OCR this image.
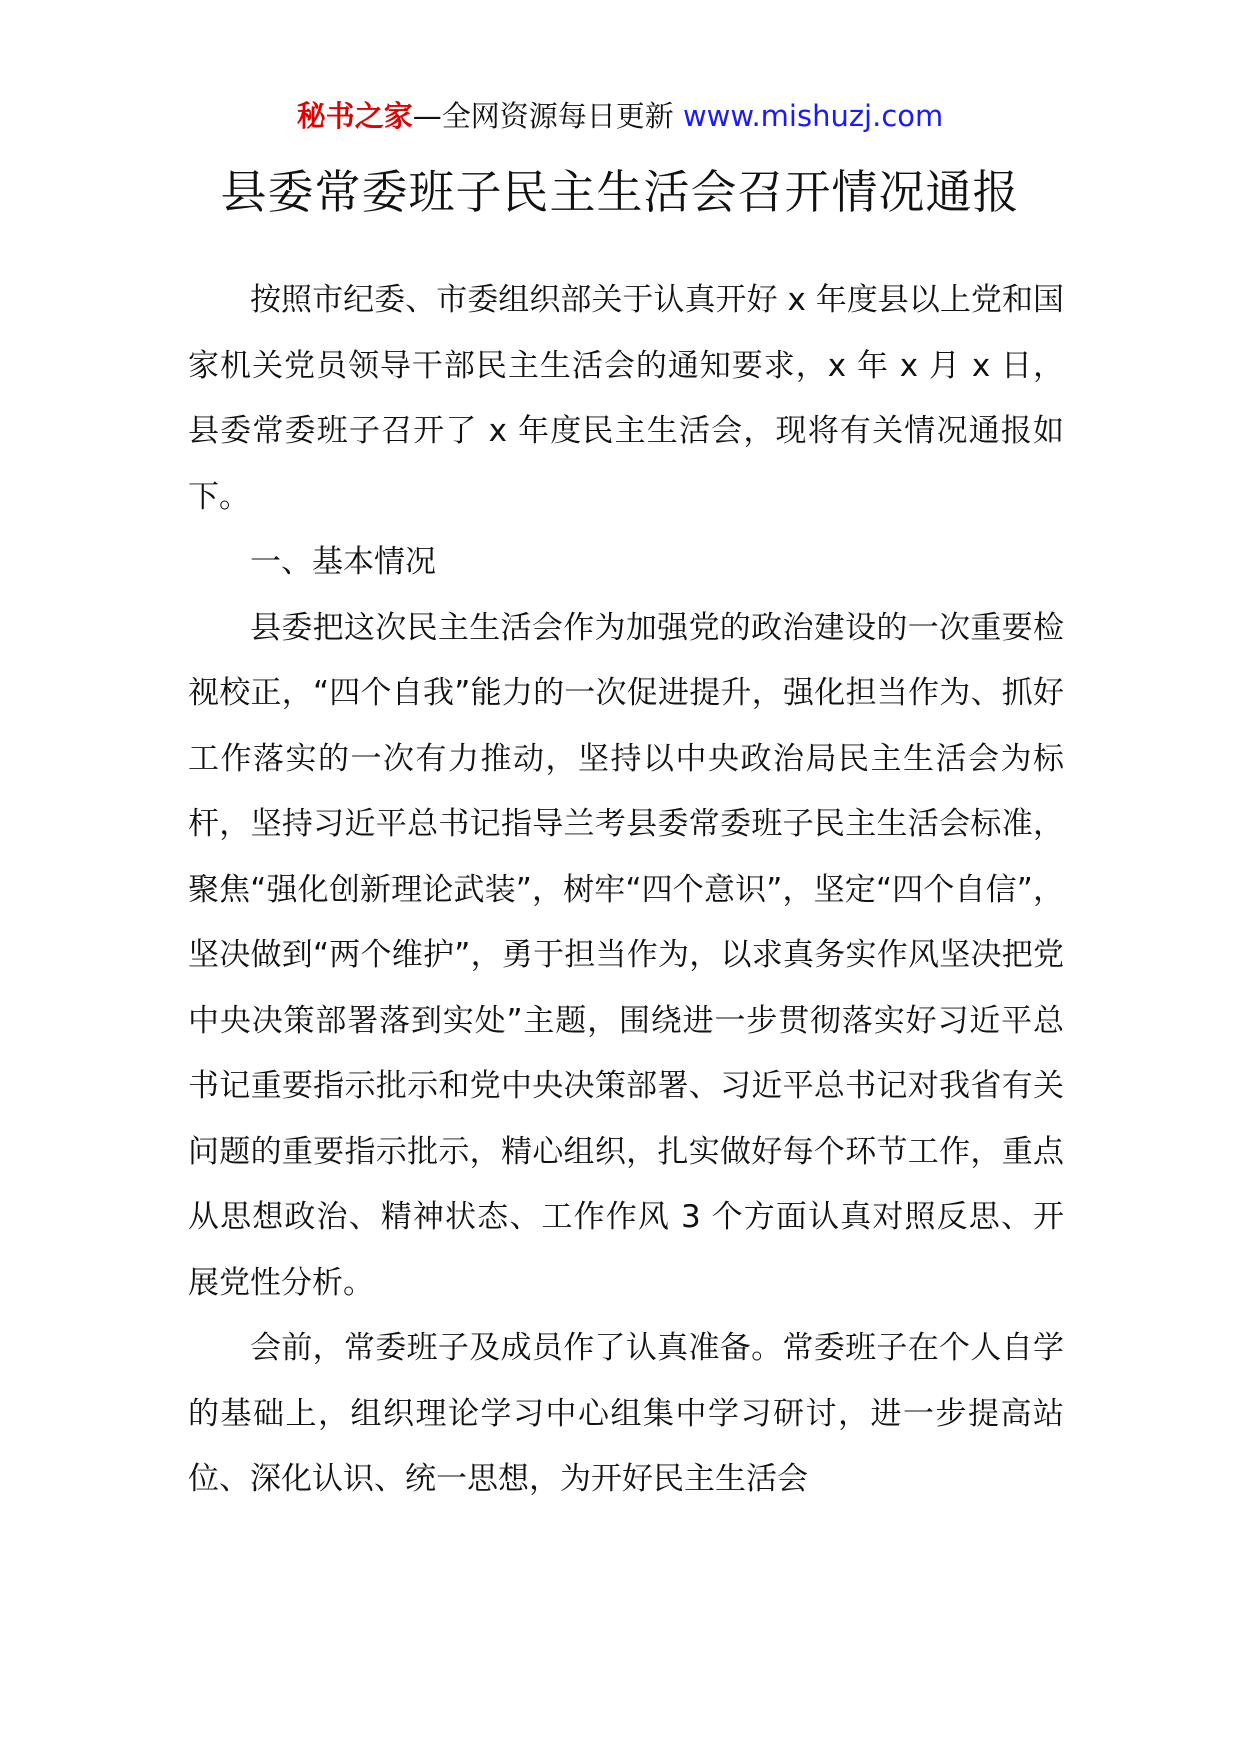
秘书之家—全网资源每日更新 www.mishuzj.com
县委常委班子民主生活会召开情况通报

按照市纪委、市委组织部关于认真开好 x 年度县以上党和国家机关党员领导干部民主生活会的通知要求，x 年 x 月 x 日，县委常委班子召开了 x 年度民主生活会，现将有关情况通报如下。

一、基本情况

县委把这次民主生活会作为加强党的政治建设的一次重要检视校正，“四个自我”能力的一次促进提升，强化担当作为、抓好工作落实的一次有力推动，坚持以中央政治局民主生活会为标杆，坚持习近平总书记指导兰考县委常委班子民主生活会标准，聚焦“强化创新理论武装”，树牢“四个意识”，坚定“四个自信”，坚决做到“两个维护”，勇于担当作为，以求真务实作风坚决把党中央决策部署落到实处”主题，围绕进一步贯彻落实好习近平总书记重要指示批示和党中央决策部署、习近平总书记对我省有关问题的重要指示批示，精心组织，扎实做好每个环节工作，重点从思想政治、精神状态、工作作风 3 个方面认真对照反思、开展党性分析。

会前，常委班子及成员作了认真准备。常委班子在个人自学的基础上，组织理论学习中心组集中学习研讨，进一步提高站位、深化认识、统一思想，为开好民主生活会
